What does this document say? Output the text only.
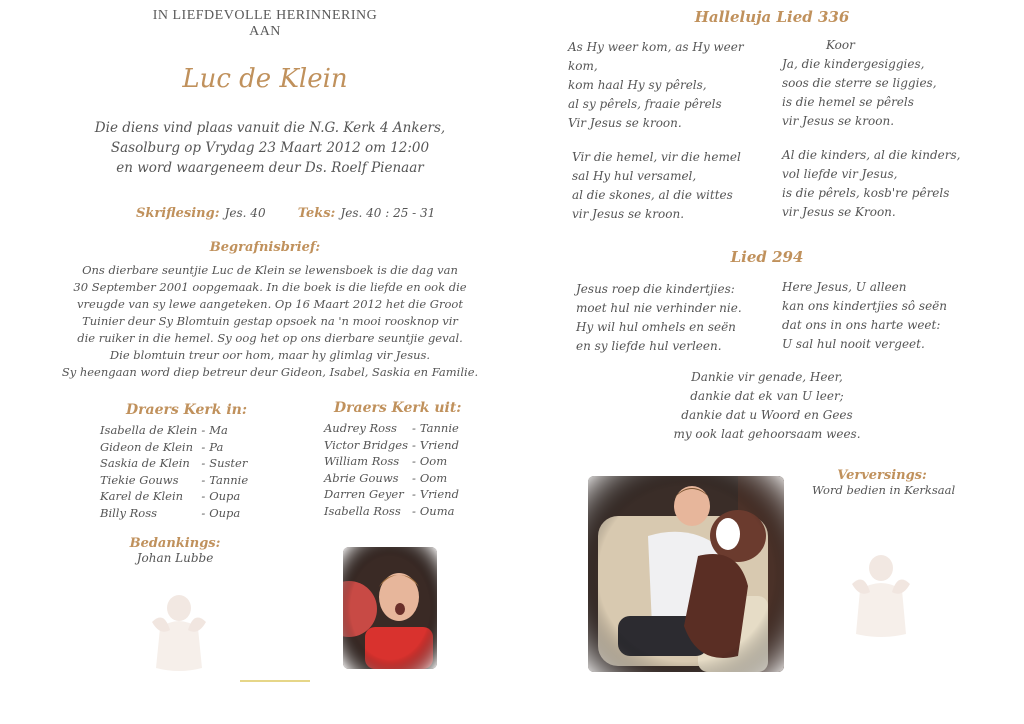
IN LIEFDEVOLLE HERINNERING
AAN
Luc de Klein
Die diens vind plaas vanuit die N.G. Kerk 4 Ankers,
Sasolburg op Vrydag 23 Maart 2012 om 12:00
en word waargeneem deur Ds. Roelf Pienaar
Skriflesing: Jes. 40 Teks: Jes. 40 : 25 - 31
Begrafnisbrief:
Ons dierbare seuntjie Luc de Klein se lewensboek is die dag van
30 September 2001 oopgemaak. In die boek is die liefde en ook die
vreugde van sy lewe aangeteken. Op 16 Maart 2012 het die Groot
Tuinier deur Sy Blomtuin gestap opsoek na 'n mooi roosknop vir
die ruiker in die hemel. Sy oog het op ons dierbare seuntjie geval.
Die blomtuin treur oor hom, maar hy glimlag vir Jesus.
Sy heengaan word diep betreur deur Gideon, Isabel, Saskia en Familie.
Draers Kerk in:
Isabella de Klein	-	Ma
Gideon de Klein	-	Pa
Saskia de Klein	-	Suster
Tiekie Gouws	-	Tannie
Karel de Klein	-	Oupa
Billy Ross	-	Oupa
Draers Kerk uit:
Audrey Ross	-	Tannie
Victor Bridges	-	Vriend
William Ross	-	Oom
Abrie Gouws	-	Oom
Darren Geyer	-	Vriend
Isabella Ross	-	Ouma
Bedankings:
Johan Lubbe
Halleluja Lied 336
As Hy weer kom, as Hy weer
kom,
kom haal Hy sy pêrels,
al sy pêrels, fraaie pêrels
Vir Jesus se kroon.
Koor
Ja, die kindergesiggies,
soos die sterre se liggies,
is die hemel se pêrels
vir Jesus se kroon.
Vir die hemel, vir die hemel
sal Hy hul versamel,
al die skones, al die wittes
vir Jesus se kroon.
Al die kinders, al die kinders,
vol liefde vir Jesus,
is die pêrels, kosb're pêrels
vir Jesus se Kroon.
Lied 294
Jesus roep die kindertjies:
moet hul nie verhinder nie.
Hy wil hul omhels en seën
en sy liefde hul verleen.
Here Jesus, U alleen
kan ons kindertjies sô seën
dat ons in ons harte weet:
U sal hul nooit vergeet.
Dankie vir genade, Heer,
dankie dat ek van U leer;
dankie dat u Woord en Gees
my ook laat gehoorsaam wees.
Verversings:
Word bedien in Kerksaal
